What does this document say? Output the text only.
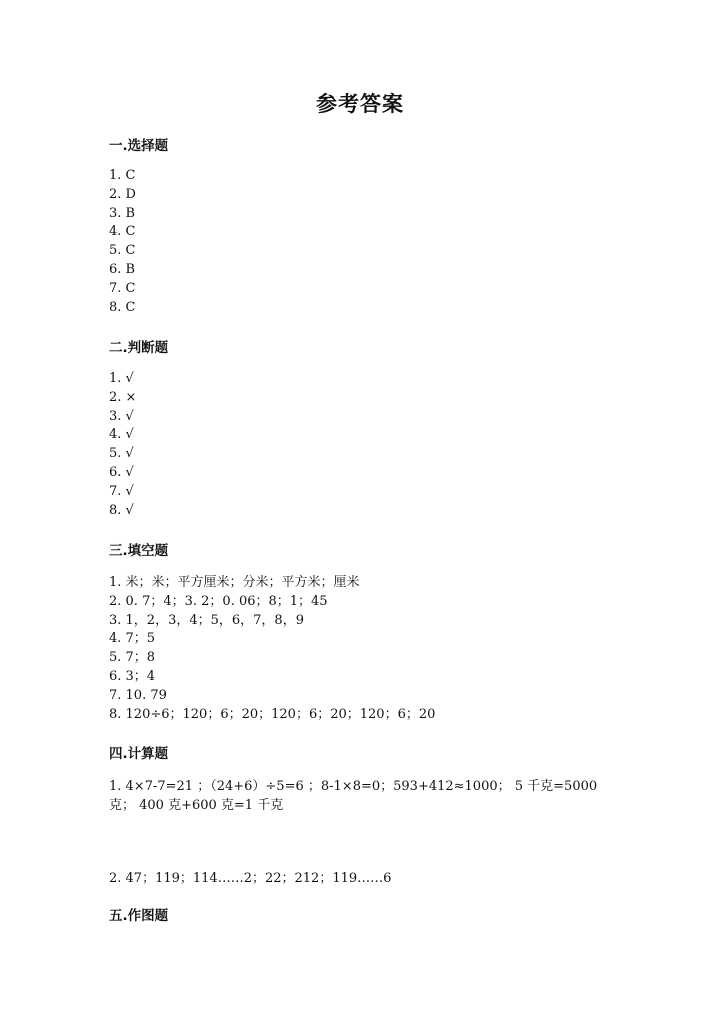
参考答案
一.选择题
1. C
2. D
3. B
4. C
5. C
6. B
7. C
8. C
二.判断题
1. √
2. ×
3. √
4. √
5. √
6. √
7. √
8. √
三.填空题
1. 米；米；平方厘米；分米；平方米；厘米
2. 0. 7；4；3. 2；0. 06；8；1；45
3. 1，2，3，4；5，6，7，8，9
4. 7；5
5. 7；8
6. 3；4
7. 10. 79
8. 120÷6；120；6；20；120；6；20；120；6；20
四.计算题
1. 4×7-7=21 ；（24+6）÷5=6 ；8-1×8=0；593+412≈1000； 5 千克=5000 克； 400 克+600 克=1 千克
2. 47；119；114……2；22；212；119……6
五.作图题
